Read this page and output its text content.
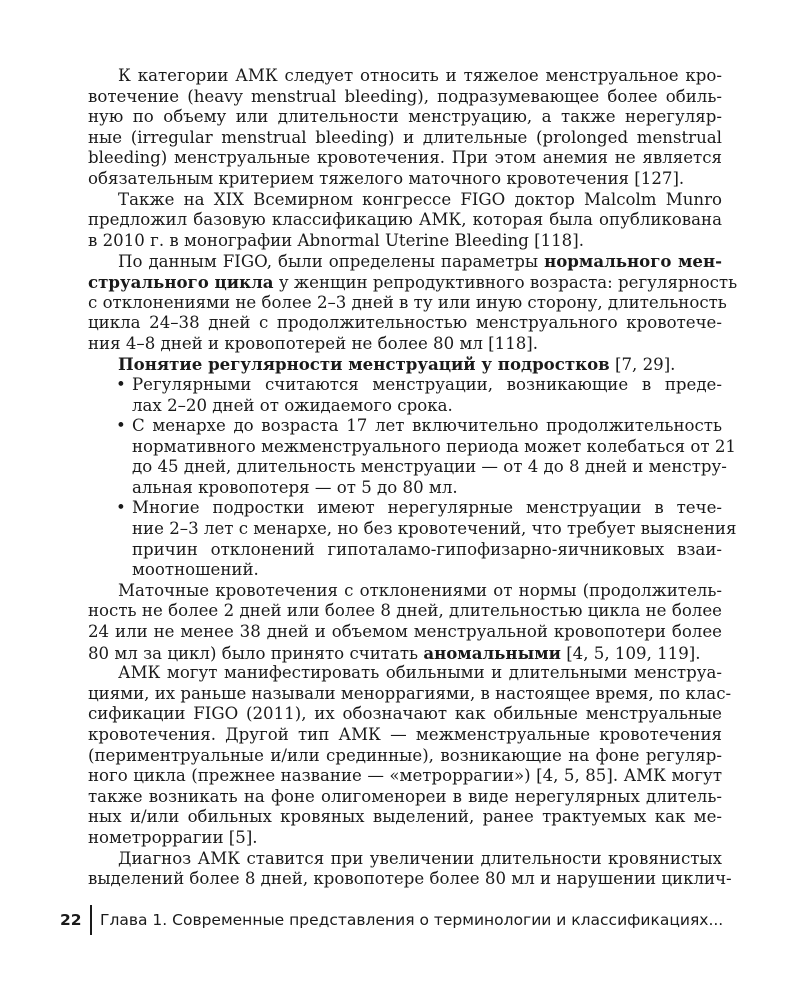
К категории АМК следует относить и тяжелое менструальное кро-
вотечение (heavy menstrual bleeding), подразумевающее более обиль-
ную по объему или длительности менструацию, а также нерегуляр-
ные (irregular menstrual bleeding) и длительные (prolonged menstrual
bleeding) менструальные кровотечения. При этом анемия не является
обязательным критерием тяжелого маточного кровотечения [127].
Также на XIX Всемирном конгрессе FIGO доктор Malcolm Munro
предложил базовую классификацию АМК, которая была опубликована
в 2010 г. в монографии Abnormal Uterine Bleeding [118].
По данным FIGO, были определены параметры нормального мен-
струального цикла у женщин репродуктивного возраста: регулярность
с отклонениями не более 2–3 дней в ту или иную сторону, длительность
цикла 24–38 дней с продолжительностью менструального кровотече-
ния 4–8 дней и кровопотерей не более 80 мл [118].
Понятие регулярности менструаций у подростков [7, 29].
• Регулярными считаются менструации, возникающие в преде-
лах 2–20 дней от ожидаемого срока.
• С менархе до возраста 17 лет включительно продолжительность
нормативного межменструального периода может колебаться от 21
до 45 дней, длительность менструации — от 4 до 8 дней и менстру-
альная кровопотеря — от 5 до 80 мл.
• Многие подростки имеют нерегулярные менструации в тече-
ние 2–3 лет с менархе, но без кровотечений, что требует выяснения
причин отклонений гипоталамо-гипофизарно-яичниковых взаи-
моотношений.
Маточные кровотечения с отклонениями от нормы (продолжитель-
ность не более 2 дней или более 8 дней, длительностью цикла не более
24 или не менее 38 дней и объемом менструальной кровопотери более
80 мл за цикл) было принято считать аномальными [4, 5, 109, 119].
АМК могут манифестировать обильными и длительными менструа-
циями, их раньше называли меноррагиями, в настоящее время, по клас-
сификации FIGO (2011), их обозначают как обильные менструальные
кровотечения. Другой тип АМК — межменструальные кровотечения
(периментруальные и/или срединные), возникающие на фоне регуляр-
ного цикла (прежнее название — «метроррагии») [4, 5, 85]. АМК могут
также возникать на фоне олигоменореи в виде нерегулярных длитель-
ных и/или обильных кровяных выделений, ранее трактуемых как ме-
нометроррагии [5].
Диагноз АМК ставится при увеличении длительности кровянистых
выделений более 8 дней, кровопотере более 80 мл и нарушении циклич-
22	Глава 1. Современные представления о терминологии и классификациях...
